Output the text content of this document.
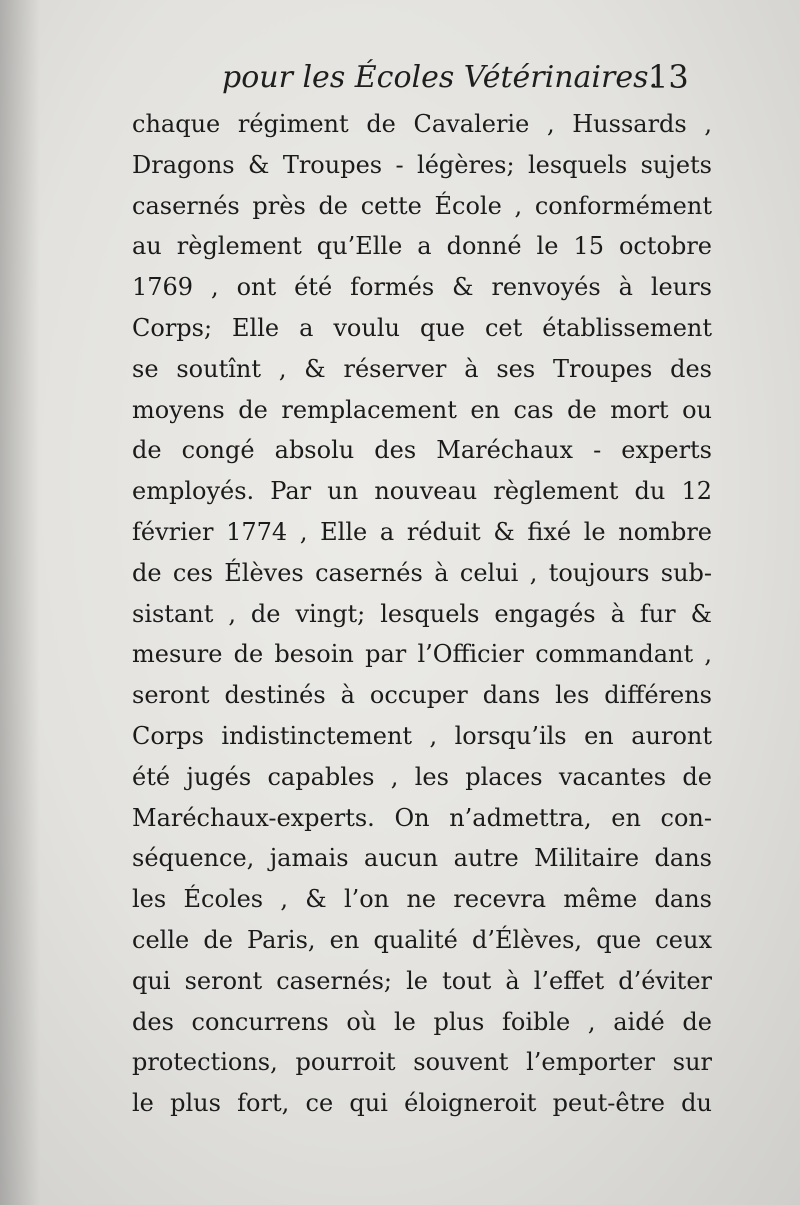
pour les Écoles Vétérinaires.
13
chaque régiment de Cavalerie , Hussards ,
Dragons & Troupes - légères; lesquels sujets
casernés près de cette École , conformément
au règlement qu’Elle a donné le 15 octobre
1769 , ont été formés & renvoyés à leurs
Corps; Elle a voulu que cet établissement
se soutînt , & réserver à ses Troupes des
moyens de remplacement en cas de mort ou
de congé absolu des Maréchaux - experts
employés. Par un nouveau règlement du 12
février 1774 , Elle a réduit & fixé le nombre
de ces Élèves casernés à celui , toujours sub-
sistant , de vingt; lesquels engagés à fur &
mesure de besoin par l’Officier commandant ,
seront destinés à occuper dans les différens
Corps indistinctement , lorsqu’ils en auront
été jugés capables , les places vacantes de
Maréchaux-experts. On n’admettra, en con-
séquence, jamais aucun autre Militaire dans
les Écoles , & l’on ne recevra même dans
celle de Paris, en qualité d’Élèves, que ceux
qui seront casernés; le tout à l’effet d’éviter
des concurrens où le plus foible , aidé de
protections, pourroit souvent l’emporter sur
le plus fort, ce qui éloigneroit peut-être du
